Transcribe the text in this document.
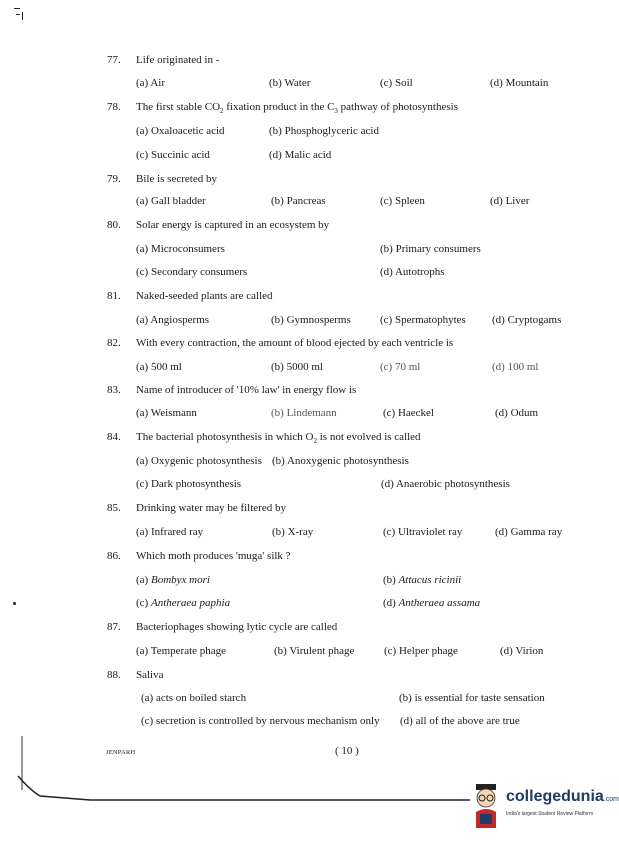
77. Life originated in -
(a) Air	(b) Water	(c) Soil	(d) Mountain
78. The first stable $CO_2$ fixation product in the $C_3$ pathway of photosynthesis
(a) Oxaloacetic acid	(b) Phosphoglyceric acid
(c) Succinic acid	(d) Malic acid
79. Bile is secreted by
(a) Gall bladder	(b) Pancreas	(c) Spleen	(d) Liver
80. Solar energy is captured in an ecosystem by
(a) Microconsumers	(b) Primary consumers
(c) Secondary consumers	(d) Autotrophs
81. Naked-seeded plants are called
(a) Angiosperms	(b) Gymnosperms	(c) Spermatophytes (d) Cryptogams
82. With every contraction, the amount of blood ejected by each ventricle is
(a) 500 ml	(b) 5000 ml	(c) 70 ml	(d) 100 ml
83. Name of introducer of '10% law' in energy flow is
(a) Weismann	(b) Lindemann	(c) Haeckel	(d) Odum
84. The bacterial photosynthesis in which $O_2$ is not evolved is called
(a) Oxygenic photosynthesis (b) Anoxygenic photosynthesis
(c) Dark photosynthesis	(d) Anaerobic photosynthesis
85. Drinking water may be filtered by
(a) Infrared ray	(b) X-ray	(c) Ultraviolet ray	(d) Gamma ray
86. Which moth produces 'muga' silk ?
(a) Bombyx mori	(b) Attacus ricinii
(c) Antheraea paphia	(d) Antheraea assama
87. Bacteriophages showing lytic cycle are called
(a) Temperate phage	(b) Virulent phage	(c) Helper phage	(d) Virion
88. Saliva
(a) acts on boiled starch	(b) is essential for taste sensation
(c) secretion is controlled by nervous mechanism only (d) all of the above are true
JENPARH	( 10 )
collegedunia.com
India's largest Student Review Platform
